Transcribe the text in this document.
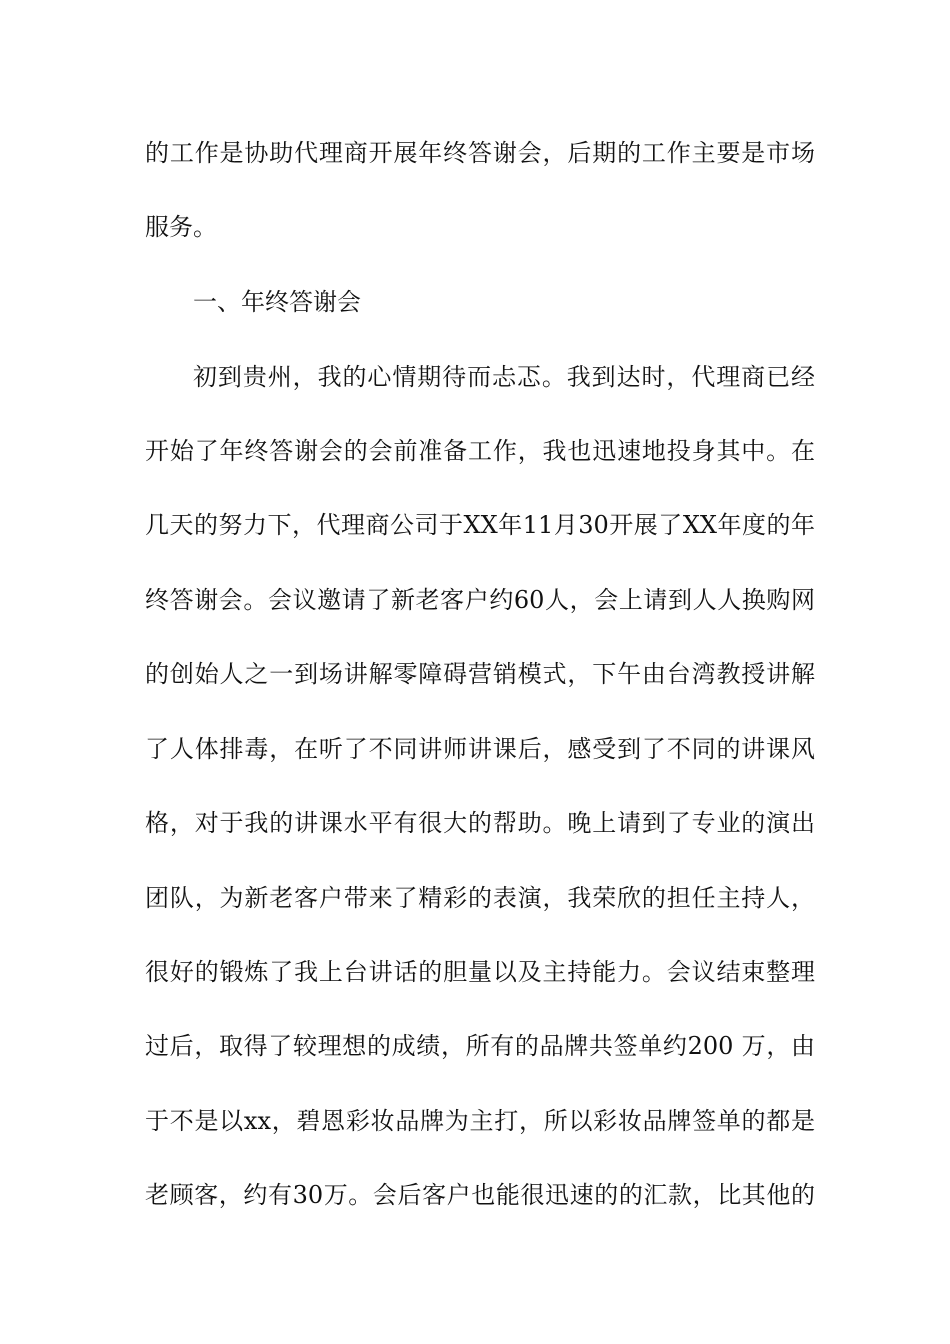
的工作是协助代理商开展年终答谢会，后期的工作主要是市场
服务。
一、年终答谢会
初到贵州，我的心情期待而忐忑。我到达时，代理商已经
开始了年终答谢会的会前准备工作，我也迅速地投身其中。在
几天的努力下，代理商公司于XX年11月30开展了XX年度的年
终答谢会。会议邀请了新老客户约60人，会上请到人人换购网
的创始人之一到场讲解零障碍营销模式，下午由台湾教授讲解
了人体排毒，在听了不同讲师讲课后，感受到了不同的讲课风
格，对于我的讲课水平有很大的帮助。晚上请到了专业的演出
团队，为新老客户带来了精彩的表演，我荣欣的担任主持人，
很好的锻炼了我上台讲话的胆量以及主持能力。会议结束整理
过后，取得了较理想的成绩，所有的品牌共签单约200 万，由
于不是以xx，碧恩彩妆品牌为主打，所以彩妆品牌签单的都是
老顾客，约有30万。会后客户也能很迅速的的汇款，比其他的
